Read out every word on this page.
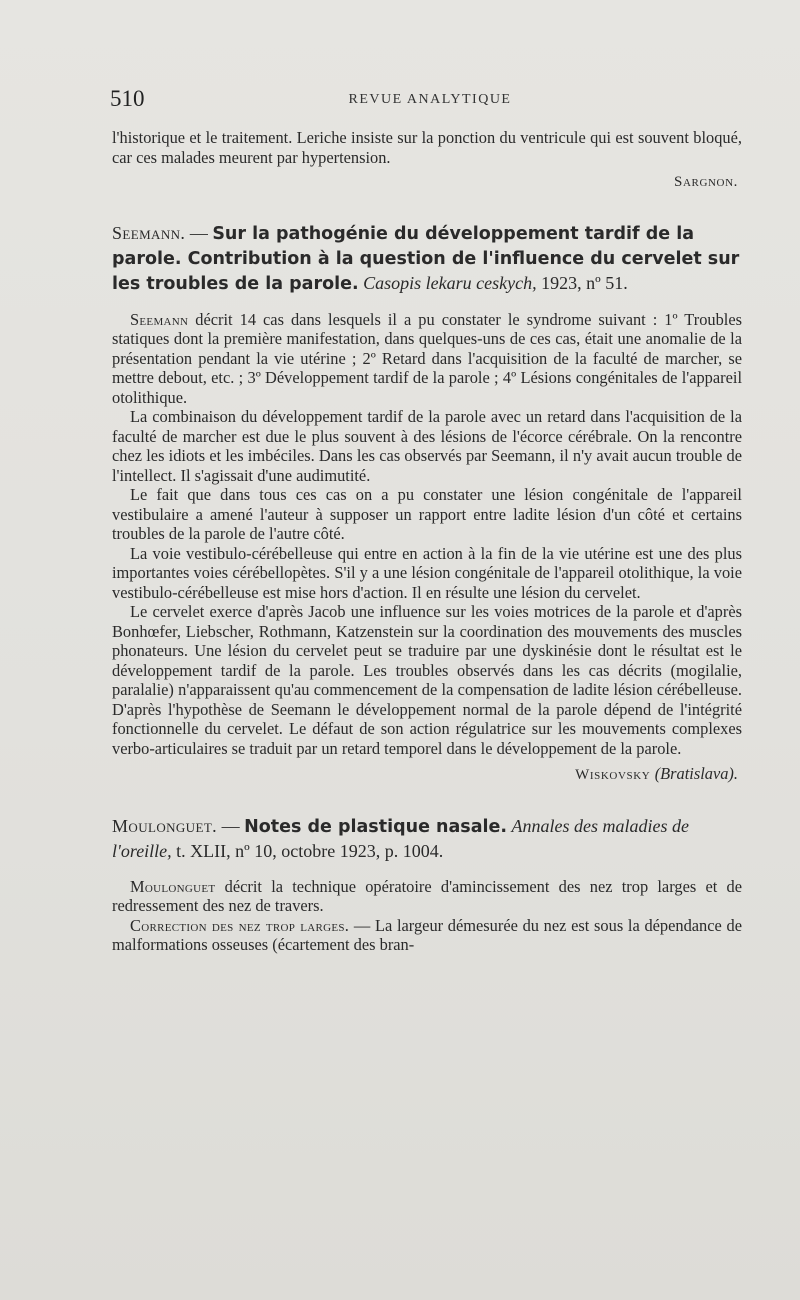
510	REVUE ANALYTIQUE

l'historique et le traitement. Leriche insiste sur la ponction du ventricule qui est souvent bloqué, car ces malades meurent par hypertension.

Sargnon.

Seemann. — Sur la pathogénie du développement tardif de la parole. Contribution à la question de l'influence du cervelet sur les troubles de la parole. Casopis lekaru ceskych, 1923, nº 51.

Seemann décrit 14 cas dans lesquels il a pu constater le syndrome suivant : 1º Troubles statiques dont la première manifestation, dans quelques-uns de ces cas, était une anomalie de la présentation pendant la vie utérine ; 2º Retard dans l'acquisition de la faculté de marcher, se mettre debout, etc. ; 3º Développement tardif de la parole ; 4º Lésions congénitales de l'appareil otolithique.

La combinaison du développement tardif de la parole avec un retard dans l'acquisition de la faculté de marcher est due le plus souvent à des lésions de l'écorce cérébrale. On la rencontre chez les idiots et les imbéciles. Dans les cas observés par Seemann, il n'y avait aucun trouble de l'intellect. Il s'agissait d'une audimutité.

Le fait que dans tous ces cas on a pu constater une lésion congénitale de l'appareil vestibulaire a amené l'auteur à supposer un rapport entre ladite lésion d'un côté et certains troubles de la parole de l'autre côté.

La voie vestibulo-cérébelleuse qui entre en action à la fin de la vie utérine est une des plus importantes voies cérébellopètes. S'il y a une lésion congénitale de l'appareil otolithique, la voie vestibulo-cérébelleuse est mise hors d'action. Il en résulte une lésion du cervelet.

Le cervelet exerce d'après Jacob une influence sur les voies motrices de la parole et d'après Bonhœfer, Liebscher, Rothmann, Katzenstein sur la coordination des mouvements des muscles phonateurs. Une lésion du cervelet peut se traduire par une dyskinésie dont le résultat est le développement tardif de la parole. Les troubles observés dans les cas décrits (mogilalie, paralalie) n'apparaissent qu'au commencement de la compensation de ladite lésion cérébelleuse. D'après l'hypothèse de Seemann le développement normal de la parole dépend de l'intégrité fonctionnelle du cervelet. Le défaut de son action régulatrice sur les mouvements complexes verbo-articulaires se traduit par un retard temporel dans le développement de la parole.

Wiskovsky (Bratislava).

Moulonguet. — Notes de plastique nasale. Annales des maladies de l'oreille, t. XLII, nº 10, octobre 1923, p. 1004.

Moulonguet décrit la technique opératoire d'amincissement des nez trop larges et de redressement des nez de travers.

Correction des nez trop larges. — La largeur démesurée du nez est sous la dépendance de malformations osseuses (écartement des bran-
